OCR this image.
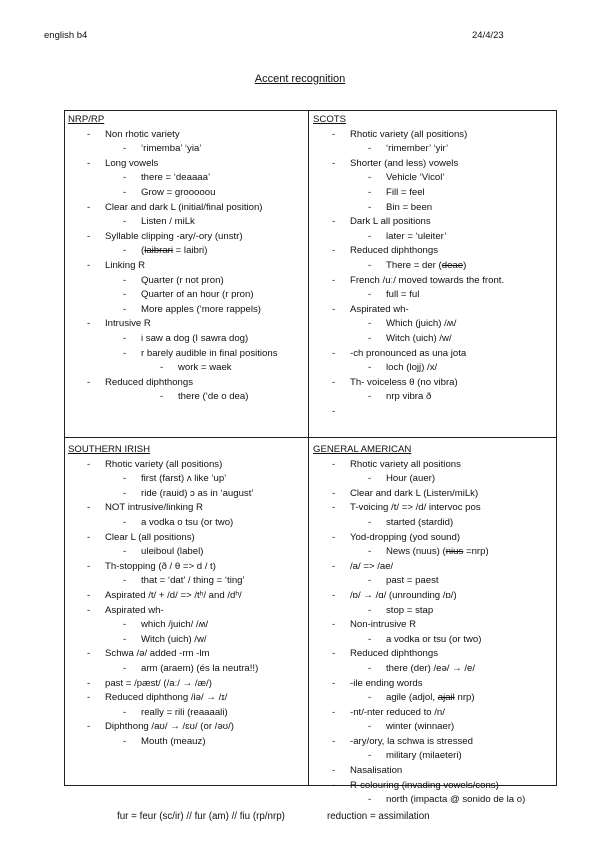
english b4	24/4/23
Accent recognition
NRP/RP
- Non rhotic variety
- ‘rimemba’ ‘yia’
- Long vowels
- there = ‘deaaaa’
- Grow = grooooou
- Clear and dark L (initial/final position)
- Listen / miLk
- Syllable clipping -ary/-ory (unstr)
- (laibrari = laibri)
- Linking R
- Quarter (r not pron)
- Quarter of an hour (r pron)
- More apples (‘more rappels)
- Intrusive R
- i saw a dog (I sawra dog)
- r barely audible in final positions
- work = waek
- Reduced diphthongs
- there (‘de o dea)
SCOTS
- Rhotic variety (all positions)
- ‘rimember’ ‘yir’
- Shorter (and less) vowels
- Vehicle ‘Vicol’
- Fill = feel
- Bin = been
- Dark L all positions
- later = ‘uleiter’
- Reduced diphthongs
- There = der (deae)
- French /uː/ moved towards the front.
- full = ful
- Aspirated wh-
- Which (juich) /ʍ/
- Witch (uich) /w/
- -ch pronounced as una jota
- loch (lojj) /x/
- Th- voiceless θ (no vibra)
- nrp vibra ð
SOUTHERN IRISH
- Rhotic variety (all positions)
- first (farst) ʌ like ‘up’
- ride (rauid) ɔ as in ‘august’
- NOT intrusive/linking R
- a vodka o tsu (or two)
- Clear L (all positions)
- uleiboul (label)
- Th-stopping (ð / θ => d / t)
- that = ‘dat’ / thing = ‘ting’
- Aspirated /t/ + /d/ => /tʰ/ and /dʰ/
- Aspirated wh-
- which /juich/ /ʍ/
- Witch (uich) /w/
- Schwa /ə/ added -rm -lm
- arm (araem) (és la neutra!!)
- past = /pæst/ (/aː/ → /æ/)
- Reduced diphthong /iə/ → /ɪ/
- really = rili (reaaaali)
- Diphthong /aʊ/ → /ɛʊ/ (or /əʊ/)
- Mouth (meauz)
GENERAL AMERICAN
- Rhotic variety all positions
- Hour (auer)
- Clear and dark L (Listen/miLk)
- T-voicing /t/ => /d/ intervoc pos
- started (stardid)
- Yod-dropping (yod sound)
- News (nuus) (nius =nrp)
- /a/ => /ae/
- past = paest
- /ɒ/ → /ɑ/ (unrounding /ɒ/)
- stop = stap
- Non-intrusive R
- a vodka or tsu (or two)
- Reduced diphthongs
- there (der) /eə/ → /e/
- -ile ending words
- agile (adjol, ajail nrp)
- -nt/-nter reduced to /n/
- winter (winnaer)
- -ary/ory, la schwa is stressed
- military (milaeteri)
- Nasalisation
- R-colouring (invading vowels/cons)
- north (impacta @ sonido de la o)
fur = feur (sc/ir) // fur (am) // fiu (rp/nrp)	reduction = assimilation
